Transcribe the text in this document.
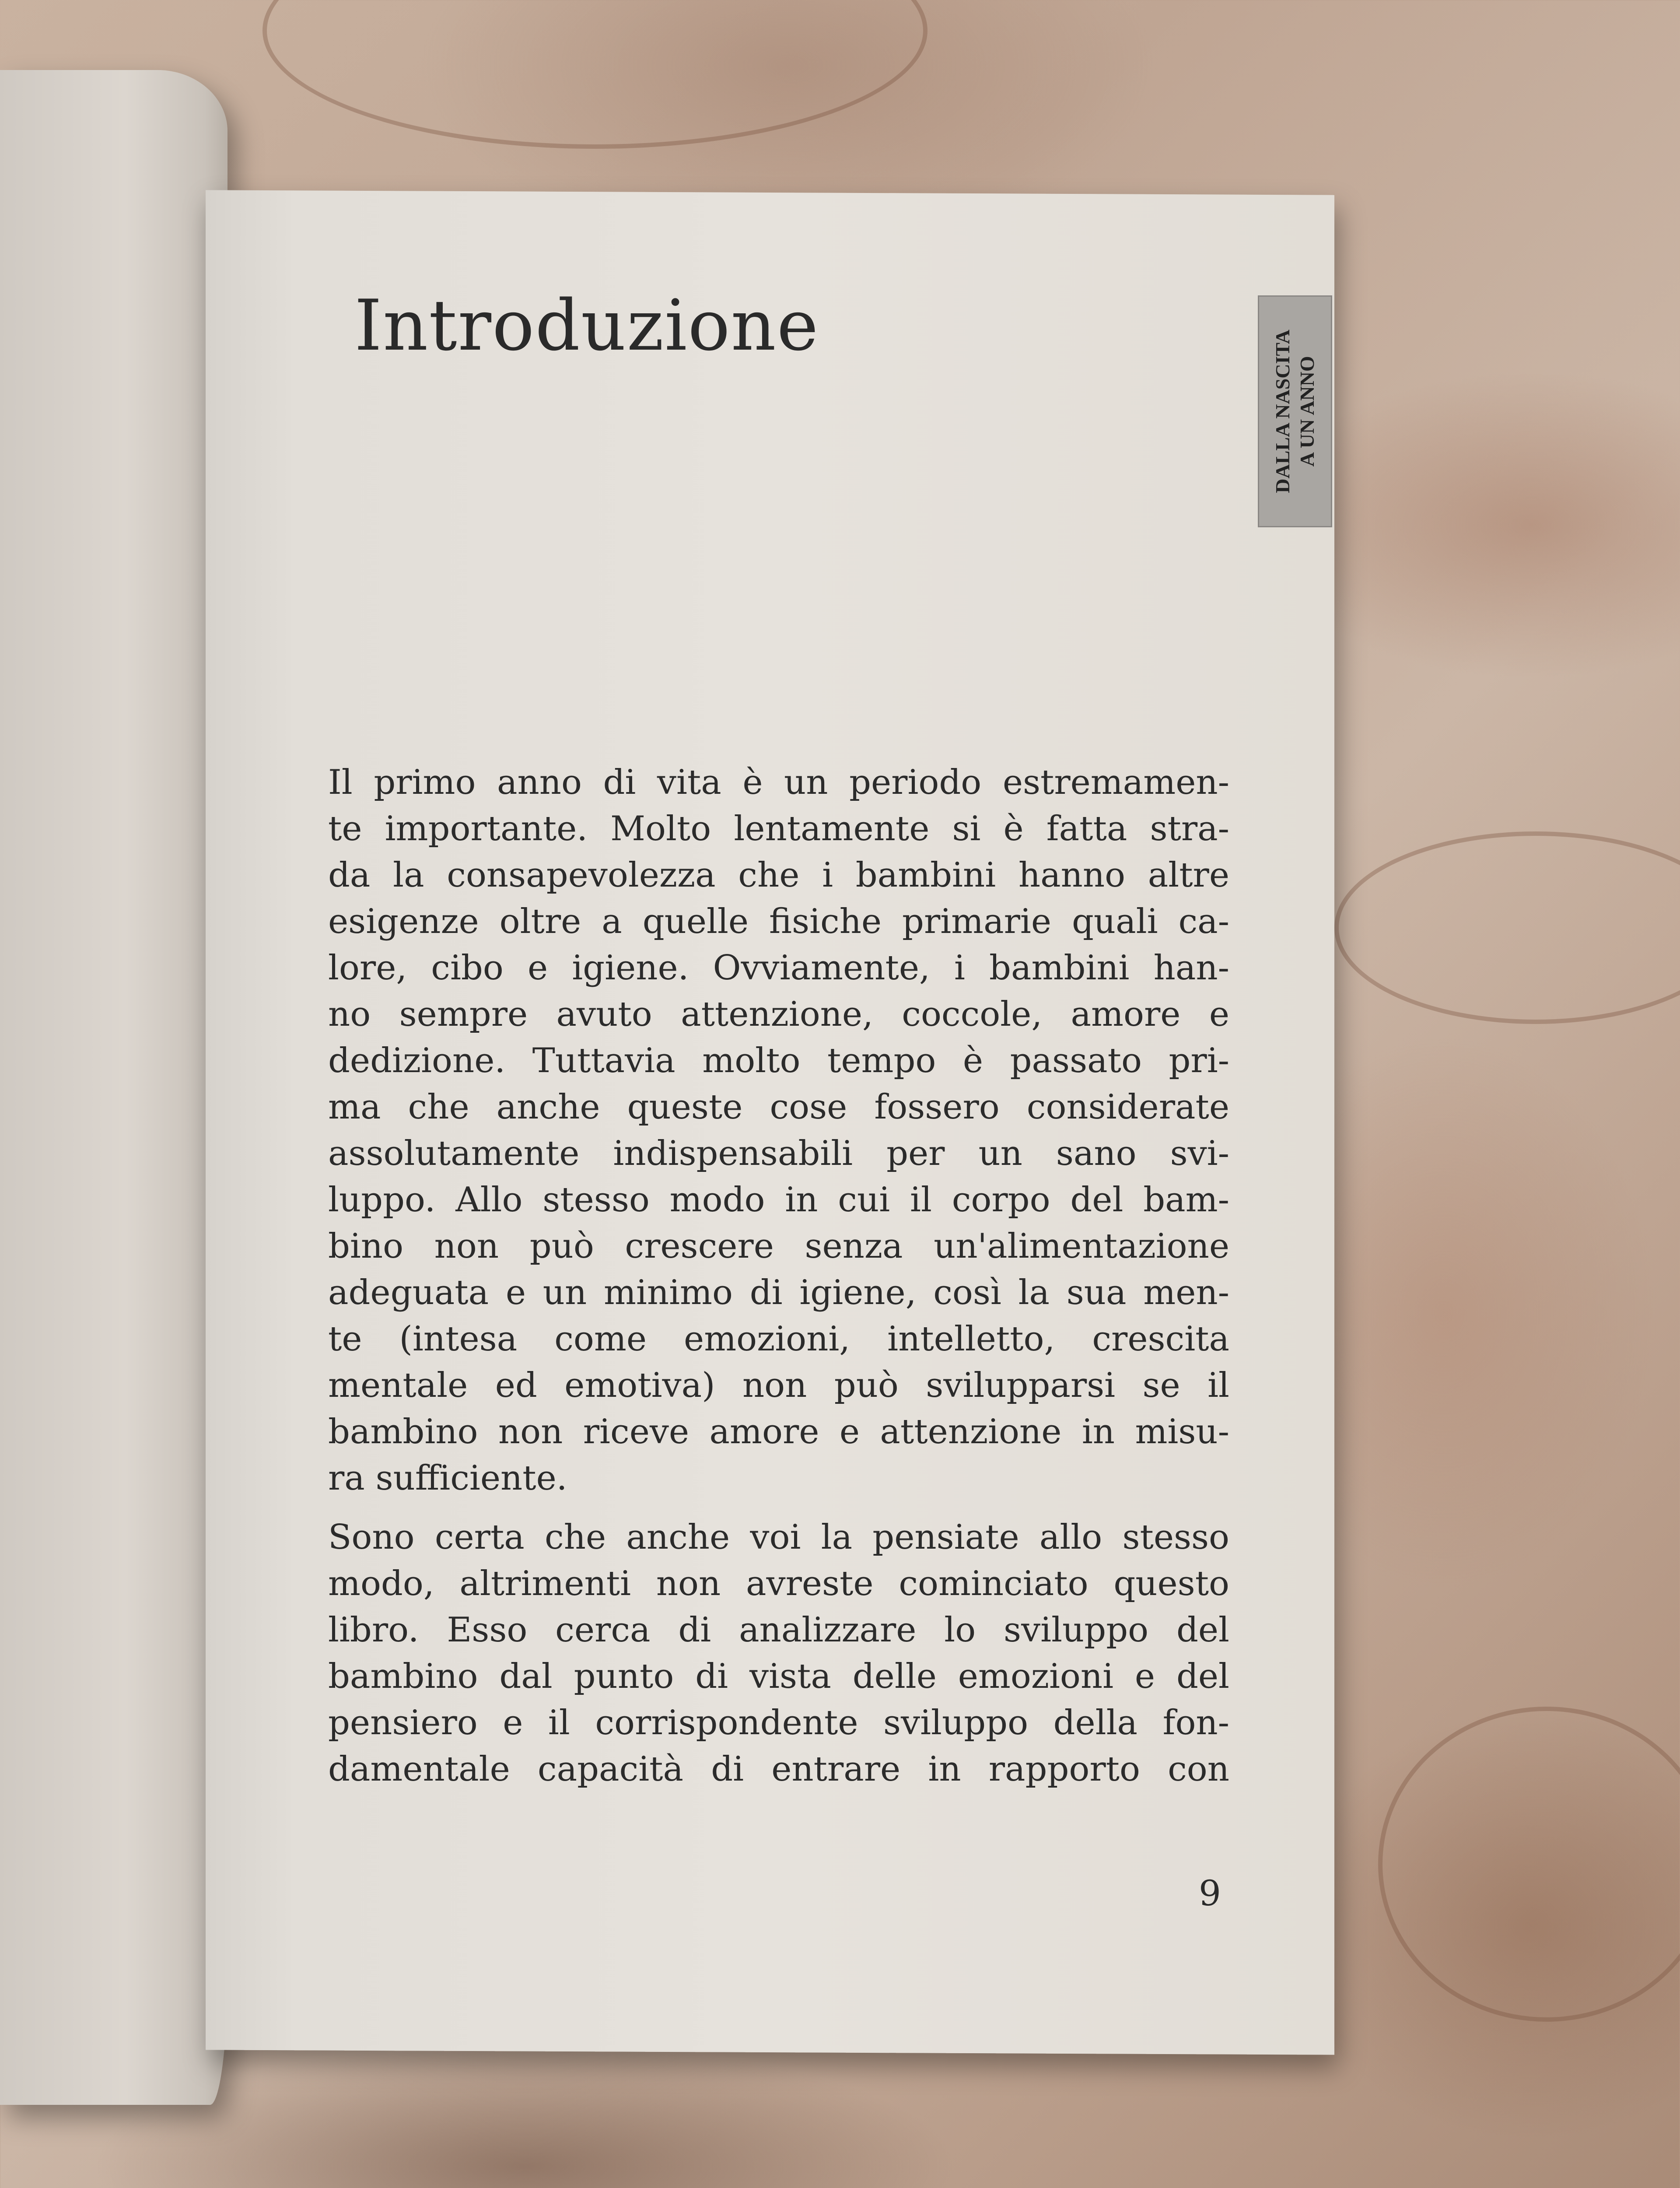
Introduzione
DALLA NASCITA A UN ANNO
Il primo anno di vita è un periodo estremamen-
te importante. Molto lentamente si è fatta stra-
da la consapevolezza che i bambini hanno altre
esigenze oltre a quelle fisiche primarie quali ca-
lore, cibo e igiene. Ovviamente, i bambini han-
no sempre avuto attenzione, coccole, amore e
dedizione. Tuttavia molto tempo è passato pri-
ma che anche queste cose fossero considerate
assolutamente indispensabili per un sano svi-
luppo. Allo stesso modo in cui il corpo del bam-
bino non può crescere senza un'alimentazione
adeguata e un minimo di igiene, così la sua men-
te (intesa come emozioni, intelletto, crescita
mentale ed emotiva) non può svilupparsi se il
bambino non riceve amore e attenzione in misu-
ra sufficiente.
Sono certa che anche voi la pensiate allo stesso
modo, altrimenti non avreste cominciato questo
libro. Esso cerca di analizzare lo sviluppo del
bambino dal punto di vista delle emozioni e del
pensiero e il corrispondente sviluppo della fon-
damentale capacità di entrare in rapporto con
9
